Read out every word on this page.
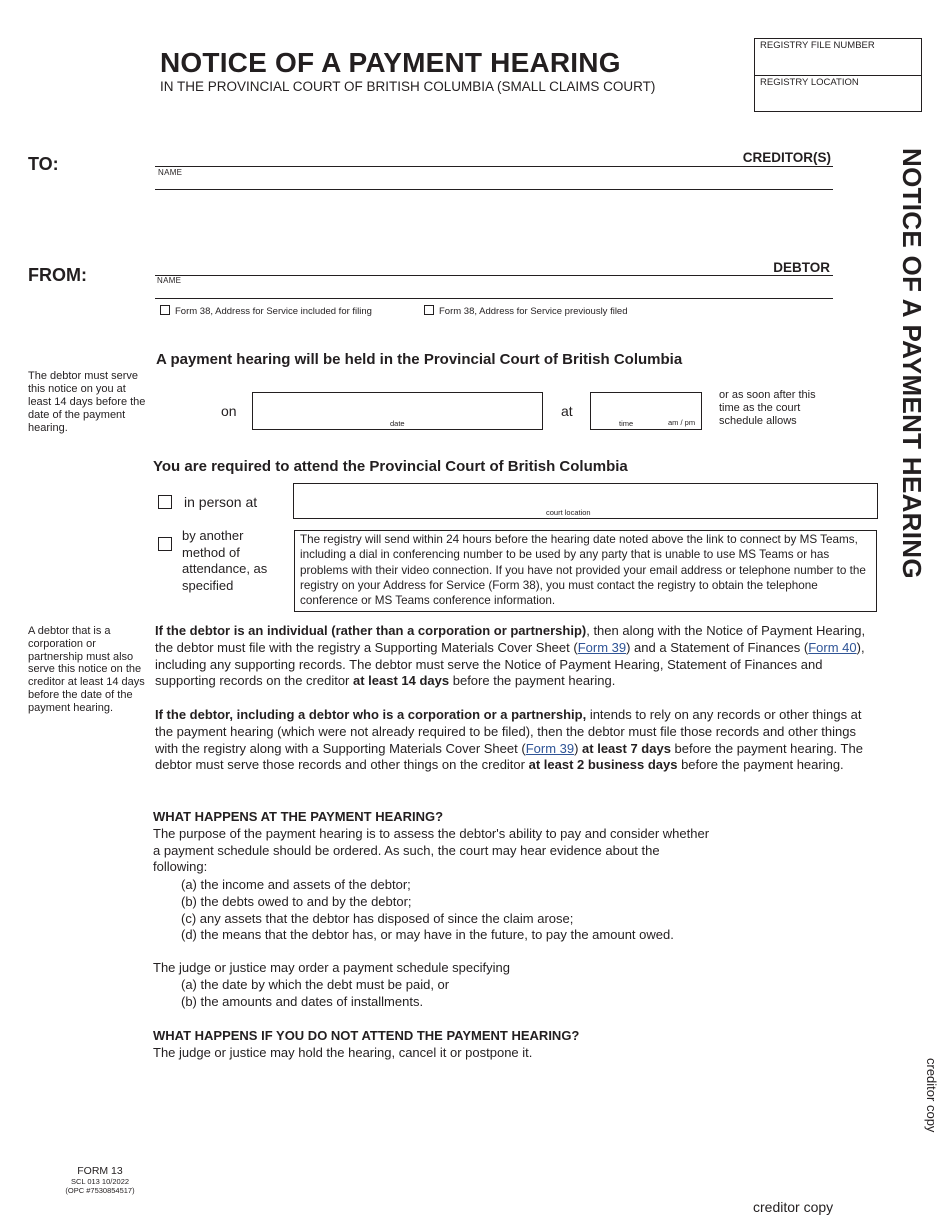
NOTICE OF A PAYMENT HEARING
IN THE PROVINCIAL COURT OF BRITISH COLUMBIA (SMALL CLAIMS COURT)
REGISTRY FILE NUMBER
REGISTRY LOCATION
NOTICE OF A PAYMENT HEARING
creditor copy
TO:	CREDITOR(S)
NAME
FROM:	DEBTOR
NAME
Form 38, Address for Service included for filing	Form 38, Address for Service previously filed
A payment hearing will be held in the Provincial Court of British Columbia
The debtor must serve this notice on you at least 14 days before the date of the payment hearing.
on
date
at
time	am / pm
or as soon after this time as the court schedule allows
You are required to attend the Provincial Court of British Columbia
in person at
court location
by another method of attendance, as specified
The registry will send within 24 hours before the hearing date noted above the link to connect by MS Teams, including a dial in conferencing number to be used by any party that is unable to use MS Teams or has problems with their video connection. If you have not provided your email address or telephone number to the registry on your Address for Service (Form 38), you must contact the registry to obtain the telephone conference or MS Teams conference information.
A debtor that is a corporation or partnership must also serve this notice on the creditor at least 14 days before the date of the payment hearing.

If the debtor is an individual (rather than a corporation or partnership), then along with the Notice of Payment Hearing, the debtor must file with the registry a Supporting Materials Cover Sheet (Form 39) and a Statement of Finances (Form 40), including any supporting records. The debtor must serve the Notice of Payment Hearing, Statement of Finances and supporting records on the creditor at least 14 days before the payment hearing.

If the debtor, including a debtor who is a corporation or a partnership, intends to rely on any records or other things at the payment hearing (which were not already required to be filed), then the debtor must file those records and other things with the registry along with a Supporting Materials Cover Sheet (Form 39) at least 7 days before the payment hearing. The debtor must serve those records and other things on the creditor at least 2 business days before the payment hearing.

WHAT HAPPENS AT THE PAYMENT HEARING?

The purpose of the payment hearing is to assess the debtor's ability to pay and consider whether a payment schedule should be ordered. As such, the court may hear evidence about the following:

(a) the income and assets of the debtor;

(b) the debts owed to and by the debtor;

(c) any assets that the debtor has disposed of since the claim arose;

(d) the means that the debtor has, or may have in the future, to pay the amount owed.

The judge or justice may order a payment schedule specifying

(a) the date by which the debt must be paid, or

(b) the amounts and dates of installments.

WHAT HAPPENS IF YOU DO NOT ATTEND THE PAYMENT HEARING?

The judge or justice may hold the hearing, cancel it or postpone it.

FORM 13
SCL 013 10/2022
(OPC #7530854517)
creditor copy
